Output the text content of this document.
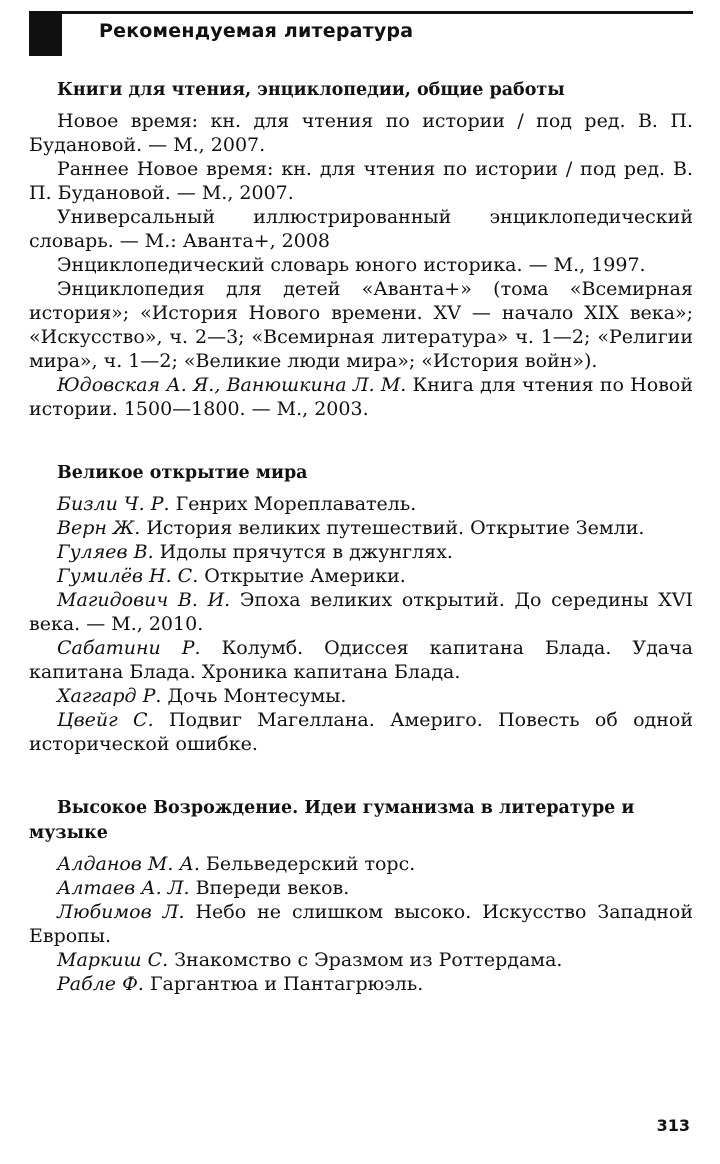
Рекомендуемая литература
Книги для чтения, энциклопедии, общие работы

Новое время: кн. для чтения по истории / под ред. В. П. Будановой. — М., 2007.

Раннее Новое время: кн. для чтения по истории / под ред. В. П. Будановой. — М., 2007.

Универсальный иллюстрированный энциклопедический словарь. — М.: Аванта+, 2008

Энциклопедический словарь юного историка. — М., 1997.

Энциклопедия для детей «Аванта+» (тома «Всемирная история»; «История Нового времени. XV — начало XIX века»; «Искусство», ч. 2—3; «Всемирная литература» ч. 1—2; «Религии мира», ч. 1—2; «Великие люди мира»; «История войн»).

Юдовская А. Я., Ванюшкина Л. М. Книга для чтения по Новой истории. 1500—1800. — М., 2003.

Великое открытие мира

Бизли Ч. Р. Генрих Мореплаватель.

Верн Ж. История великих путешествий. Открытие Земли.

Гуляев В. Идолы прячутся в джунглях.

Гумилёв Н. С. Открытие Америки.

Магидович В. И. Эпоха великих открытий. До середины XVI века. — М., 2010.

Сабатини Р. Колумб. Одиссея капитана Блада. Удача капитана Блада. Хроника капитана Блада.

Хаггард Р. Дочь Монтесумы.

Цвейг С. Подвиг Магеллана. Америго. Повесть об одной исторической ошибке.

Высокое Возрождение. Идеи гуманизма в литературе и музыке

Алданов М. А. Бельведерский торс.

Алтаев А. Л. Впереди веков.

Любимов Л. Небо не слишком высоко. Искусство Западной Европы.

Маркиш С. Знакомство с Эразмом из Роттердама.

Рабле Ф. Гаргантюа и Пантагрюэль.

313
